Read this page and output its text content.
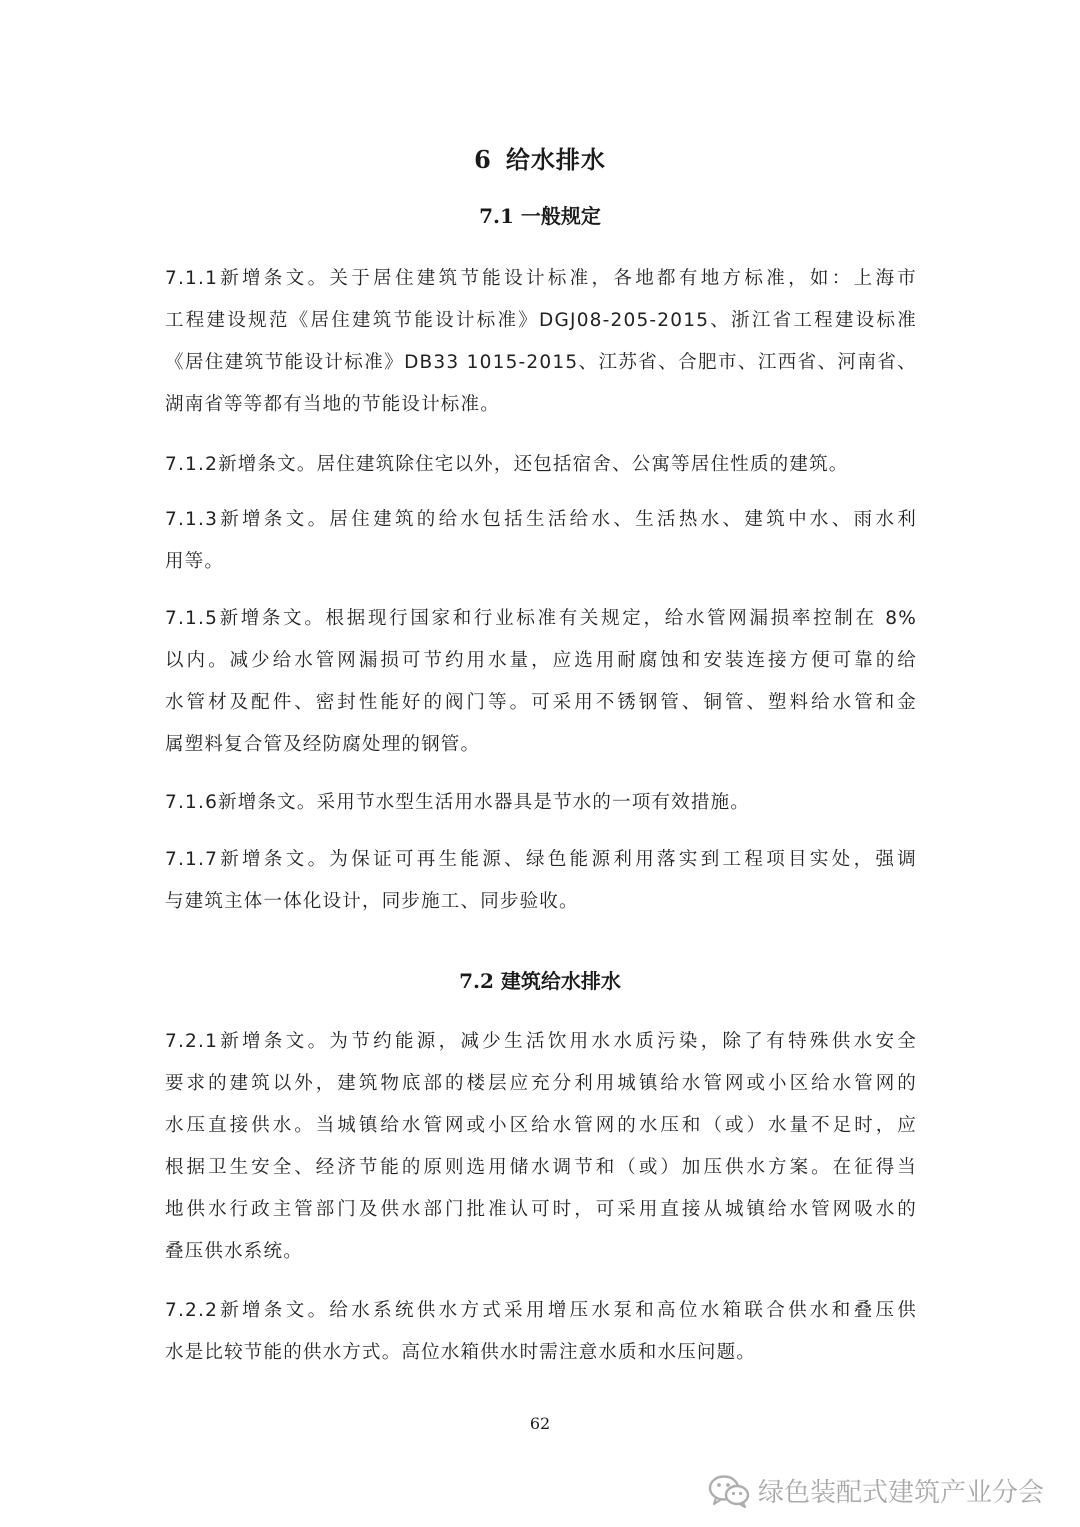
6 给水排水
7.1 一般规定

7.1.1新增条文。关于居住建筑节能设计标准，各地都有地方标准，如：上海市
工程建设规范《居住建筑节能设计标准》DGJ08-205-2015、浙江省工程建设标准
《居住建筑节能设计标准》DB33 1015-2015、江苏省、合肥市、江西省、河南省、
湖南省等等都有当地的节能设计标准。

7.1.2新增条文。居住建筑除住宅以外，还包括宿舍、公寓等居住性质的建筑。

7.1.3新增条文。居住建筑的给水包括生活给水、生活热水、建筑中水、雨水利
用等。

7.1.5新增条文。根据现行国家和行业标准有关规定，给水管网漏损率控制在 8%
以内。减少给水管网漏损可节约用水量，应选用耐腐蚀和安装连接方便可靠的给
水管材及配件、密封性能好的阀门等。可采用不锈钢管、铜管、塑料给水管和金
属塑料复合管及经防腐处理的钢管。

7.1.6新增条文。采用节水型生活用水器具是节水的一项有效措施。

7.1.7新增条文。为保证可再生能源、绿色能源利用落实到工程项目实处，强调
与建筑主体一体化设计，同步施工、同步验收。

7.2 建筑给水排水

7.2.1新增条文。为节约能源，减少生活饮用水水质污染，除了有特殊供水安全
要求的建筑以外，建筑物底部的楼层应充分利用城镇给水管网或小区给水管网的
水压直接供水。当城镇给水管网或小区给水管网的水压和（或）水量不足时，应
根据卫生安全、经济节能的原则选用储水调节和（或）加压供水方案。在征得当
地供水行政主管部门及供水部门批准认可时，可采用直接从城镇给水管网吸水的
叠压供水系统。

7.2.2新增条文。给水系统供水方式采用增压水泵和高位水箱联合供水和叠压供
水是比较节能的供水方式。高位水箱供水时需注意水质和水压问题。

62

绿色装配式建筑产业分会
